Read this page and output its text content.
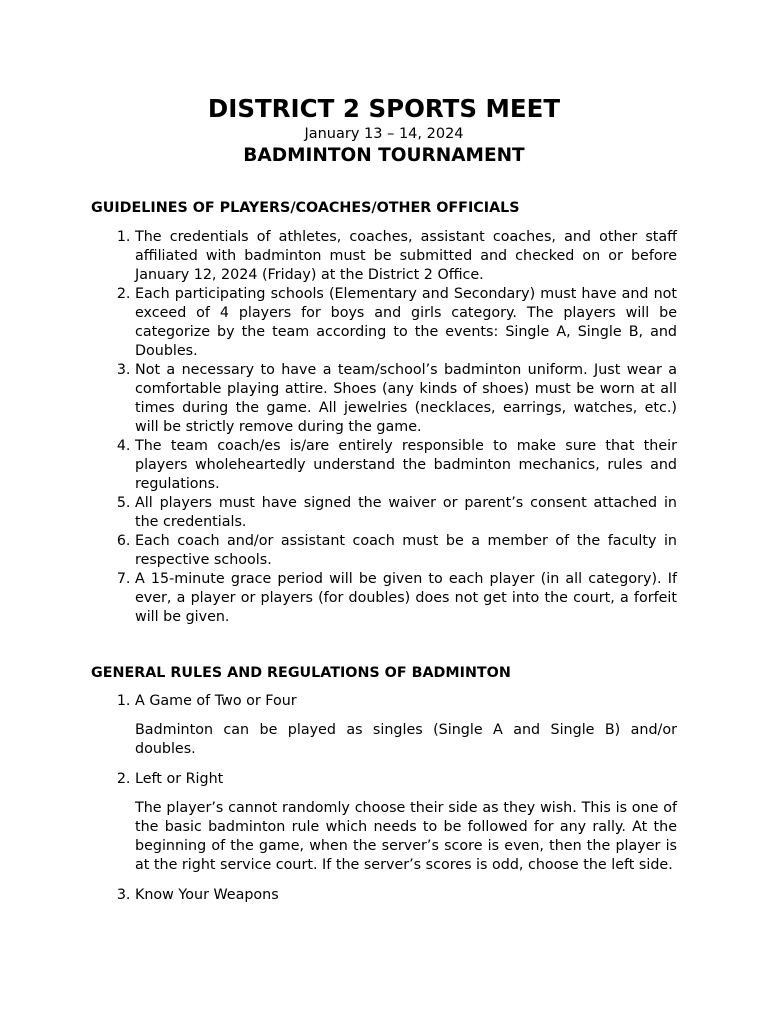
DISTRICT 2 SPORTS MEET
January 13 – 14, 2024
BADMINTON TOURNAMENT
GUIDELINES OF PLAYERS/COACHES/OTHER OFFICIALS
1. The credentials of athletes, coaches, assistant coaches, and other staff affiliated with badminton must be submitted and checked on or before January 12, 2024 (Friday) at the District 2 Office.
2. Each participating schools (Elementary and Secondary) must have and not exceed of 4 players for boys and girls category. The players will be categorize by the team according to the events: Single A, Single B, and Doubles.
3. Not a necessary to have a team/school’s badminton uniform. Just wear a comfortable playing attire. Shoes (any kinds of shoes) must be worn at all times during the game. All jewelries (necklaces, earrings, watches, etc.) will be strictly remove during the game.
4. The team coach/es is/are entirely responsible to make sure that their players wholeheartedly understand the badminton mechanics, rules and regulations.
5. All players must have signed the waiver or parent’s consent attached in the credentials.
6. Each coach and/or assistant coach must be a member of the faculty in respective schools.
7. A 15-minute grace period will be given to each player (in all category). If ever, a player or players (for doubles) does not get into the court, a forfeit will be given.
GENERAL RULES AND REGULATIONS OF BADMINTON
1. A Game of Two or Four
Badminton can be played as singles (Single A and Single B) and/or doubles.
2. Left or Right
The player’s cannot randomly choose their side as they wish. This is one of the basic badminton rule which needs to be followed for any rally. At the beginning of the game, when the server’s score is even, then the player is at the right service court. If the server’s scores is odd, choose the left side.
3. Know Your Weapons
